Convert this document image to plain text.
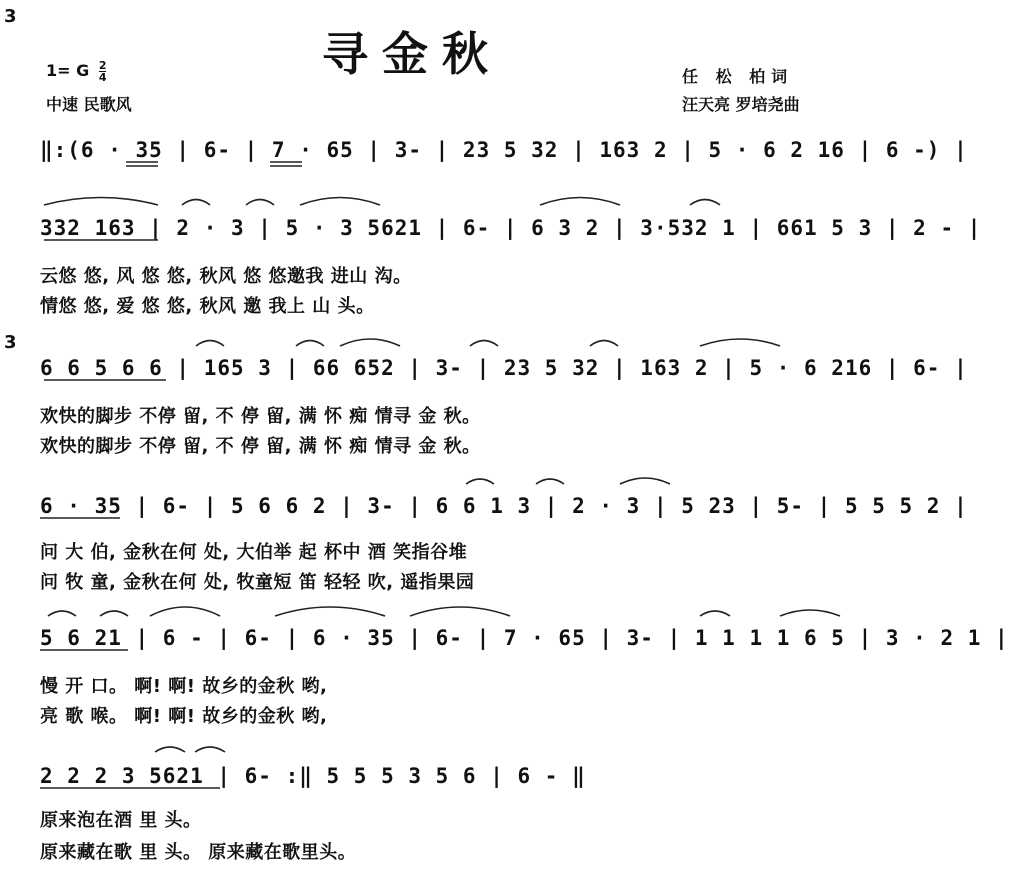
3
寻金秋
1= G $\frac{2}{4}$
中速 民歌风
任 松 柏词
汪天亮 罗培尧曲
3
‖:(6 · 35 | 6- | 7 · 65 | 3- | 23 5 32 | 163 2 | 5 · 6 2 16 | 6 -) |
332 163 | 2 · 3 | 5 · 3 5621 | 6- | 6 3 2 | 3·532 1 | 661 5 3 | 2 - |
云悠 悠, 风 悠 悠, 秋风 悠 悠邀我 进山 沟。
情悠 悠, 爱 悠 悠, 秋风 邀 我上 山 头。
6 6 5 6 6 | 165 3 | 66 652 | 3- | 23 5 32 | 163 2 | 5 · 6 216 | 6- |
欢快的脚步 不停 留, 不 停 留, 满 怀 痴 情寻 金 秋。
欢快的脚步 不停 留, 不 停 留, 满 怀 痴 情寻 金 秋。
6 · 35 | 6- | 5 6 6 2 | 3- | 6 6 1 3 | 2 · 3 | 5 23 | 5- | 5 5 5 2 |
问 大 伯, 金秋在何 处, 大伯举 起 杯中 酒 笑指谷堆
问 牧 童, 金秋在何 处, 牧童短 笛 轻轻 吹, 遥指果园
5 6 21 | 6 - | 6- | 6 · 35 | 6- | 7 · 65 | 3- | 1 1 1 1 6 5 | 3 · 2 1 |
慢 开 口。 啊! 啊! 故乡的金秋 哟,
亮 歌 喉。 啊! 啊! 故乡的金秋 哟,
2 2 2 3 5621 | 6- :‖ 5 5 5 3 5 6 | 6 - ‖
原来泡在酒 里 头。
原来藏在歌 里 头。 原来藏在歌里头。
